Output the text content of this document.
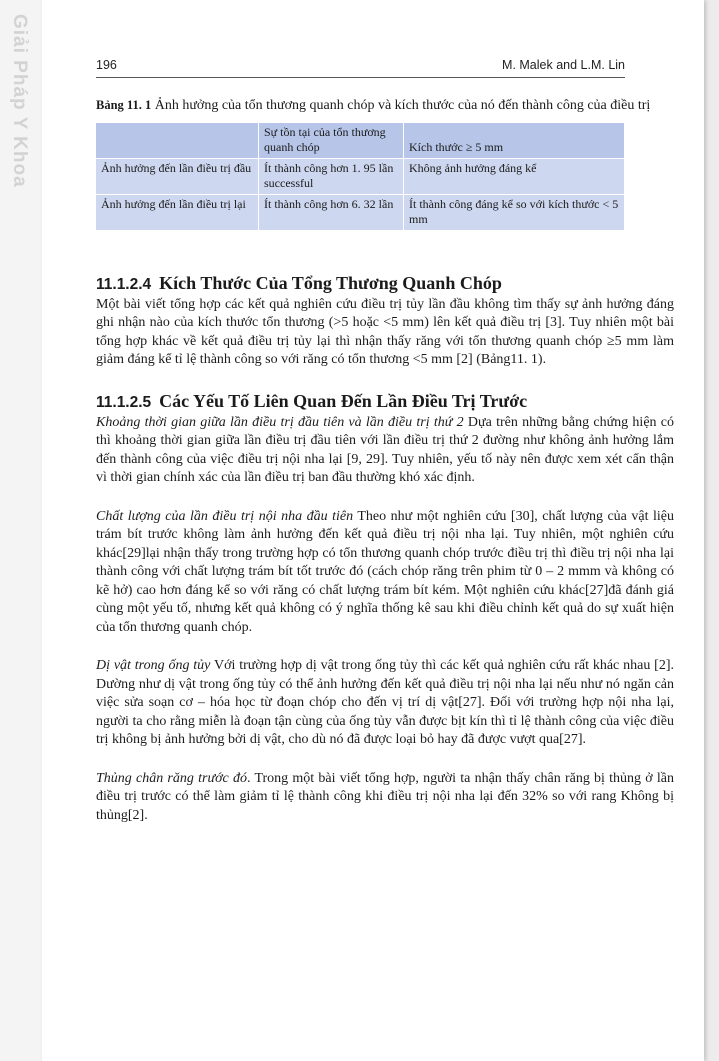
Giải Pháp Y Khoa	196	M. Malek and L.M. Lin

Bảng 11. 1 Ảnh hưởng của tổn thương quanh chóp và kích thước của nó đến thành công của điều trị

	Sự tồn tại của tổn thương quanh chóp	Kích thước ≥ 5 mm
Ảnh hưởng đến lần điều trị đầu	Ít thành công hơn 1. 95 lần successful	Không ảnh hưởng đáng kể
Ảnh hưởng đến lần điều trị lại	Ít thành công hơn 6. 32 lần	Ít thành công đáng kể so với kích thước < 5 mm
11.1.2.4 Kích Thước Của Tổng Thương Quanh Chóp

Một bài viết tổng hợp các kết quả nghiên cứu điều trị tủy lần đầu không tìm thấy sự ảnh hưởng đáng ghi nhận nào của kích thước tổn thương (>5 hoặc <5 mm) lên kết quả điều trị [3]. Tuy nhiên một bài tổng hợp khác về kết quả điều trị tủy lại thì nhận thấy răng với tổn thương quanh chóp ≥5 mm làm giảm đáng kể tỉ lệ thành công so với răng có tổn thương <5 mm [2] (Bảng11. 1).

11.1.2.5 Các Yếu Tố Liên Quan Đến Lần Điều Trị Trước

Khoảng thời gian giữa lần điều trị đầu tiên và lần điều trị thứ 2 Dựa trên những bằng chứng hiện có thì khoảng thời gian giữa lần điều trị đầu tiên với lần điều trị thứ 2 đường như không ảnh hưởng lắm đến thành công của việc điều trị nội nha lại [9, 29]. Tuy nhiên, yếu tố này nên được xem xét cẩn thận vì thời gian chính xác của lần điều trị ban đầu thường khó xác định.

Chất lượng của lần điều trị nội nha đầu tiên Theo như một nghiên cứu [30], chất lượng của vật liệu trám bít trước không làm ảnh hưởng đến kết quả điều trị nội nha lại. Tuy nhiên, một nghiên cứu khác[29]lại nhận thấy trong trường hợp có tổn thương quanh chóp trước điều trị thì điều trị nội nha lại thành công với chất lượng trám bít tốt trước đó (cách chóp răng trên phim từ 0 – 2 mmm và không có kẽ hở) cao hơn đáng kể so với răng có chất lượng trám bít kém. Một nghiên cứu khác[27]đã đánh giá cùng một yếu tố, nhưng kết quả không có ý nghĩa thống kê sau khi điều chỉnh kết quả do sự xuất hiện của tổn thương quanh chóp.

Dị vật trong ống tủy Với trường hợp dị vật trong ống tủy thì các kết quả nghiên cứu rất khác nhau [2]. Dường như dị vật trong ống tủy có thể ảnh hưởng đến kết quả điều trị nội nha lại nếu như nó ngăn cản việc sửa soạn cơ – hóa học từ đoạn chóp cho đến vị trí dị vật[27]. Đối với trường hợp nội nha lại, người ta cho rằng miễn là đoạn tận cùng của ống tủy vẫn được bịt kín thì tỉ lệ thành công của việc điều trị không bị ảnh hưởng bởi dị vật, cho dù nó đã được loại bỏ hay đã được vượt qua[27].

Thủng chân răng trước đó. Trong một bài viết tổng hợp, người ta nhận thấy chân răng bị thủng ở lần điều trị trước có thể làm giảm tỉ lệ thành công khi điều trị nội nha lại đến 32% so với rang Không bị thủng[2].
